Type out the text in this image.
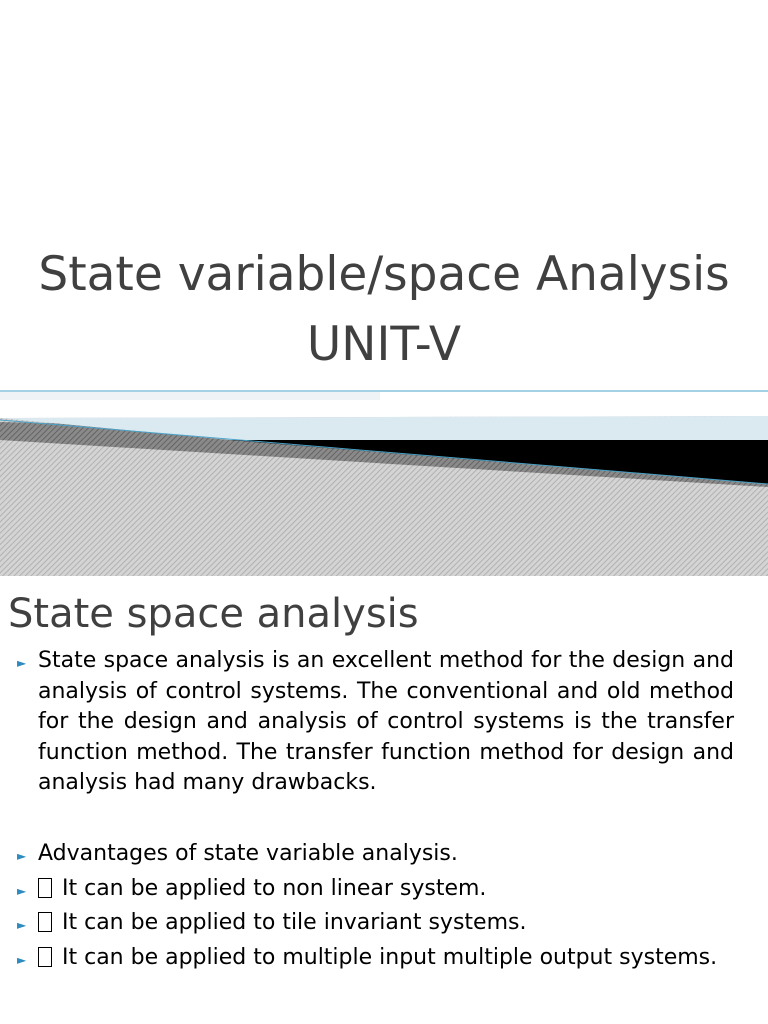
State variable/space Analysis
UNIT-V
State space analysis
► State space analysis is an excellent method for the design and analysis of control systems. The conventional and old method for the design and analysis of control systems is the transfer function method. The transfer function method for design and analysis had many drawbacks.
► Advantages of state variable analysis.
► It can be applied to non linear system.
► It can be applied to tile invariant systems.
► It can be applied to multiple input multiple output systems.
